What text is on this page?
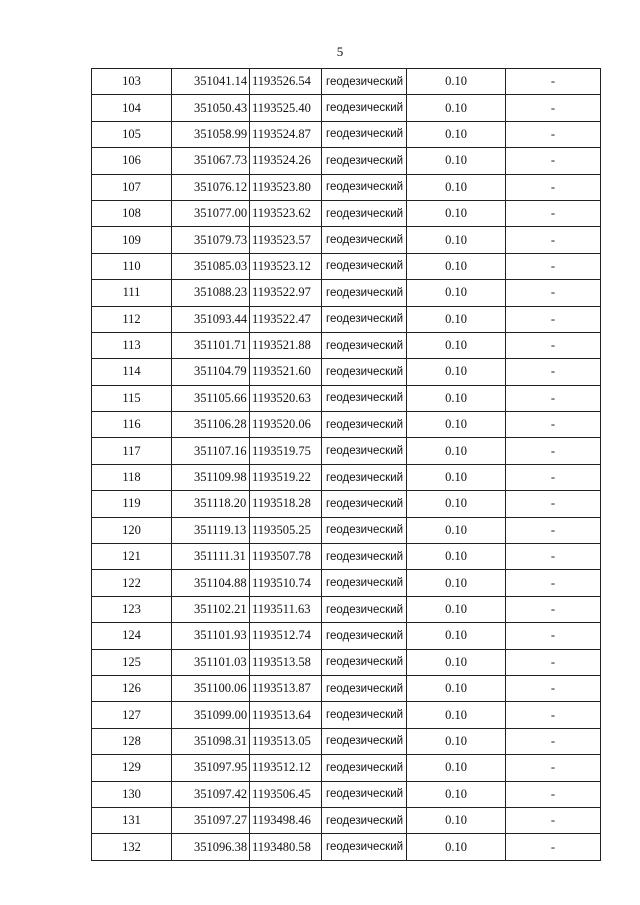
5
103	351041.14	1193526.54	геодезический	0.10	-
104	351050.43	1193525.40	геодезический	0.10	-
105	351058.99	1193524.87	геодезический	0.10	-
106	351067.73	1193524.26	геодезический	0.10	-
107	351076.12	1193523.80	геодезический	0.10	-
108	351077.00	1193523.62	геодезический	0.10	-
109	351079.73	1193523.57	геодезический	0.10	-
110	351085.03	1193523.12	геодезический	0.10	-
111	351088.23	1193522.97	геодезический	0.10	-
112	351093.44	1193522.47	геодезический	0.10	-
113	351101.71	1193521.88	геодезический	0.10	-
114	351104.79	1193521.60	геодезический	0.10	-
115	351105.66	1193520.63	геодезический	0.10	-
116	351106.28	1193520.06	геодезический	0.10	-
117	351107.16	1193519.75	геодезический	0.10	-
118	351109.98	1193519.22	геодезический	0.10	-
119	351118.20	1193518.28	геодезический	0.10	-
120	351119.13	1193505.25	геодезический	0.10	-
121	351111.31	1193507.78	геодезический	0.10	-
122	351104.88	1193510.74	геодезический	0.10	-
123	351102.21	1193511.63	геодезический	0.10	-
124	351101.93	1193512.74	геодезический	0.10	-
125	351101.03	1193513.58	геодезический	0.10	-
126	351100.06	1193513.87	геодезический	0.10	-
127	351099.00	1193513.64	геодезический	0.10	-
128	351098.31	1193513.05	геодезический	0.10	-
129	351097.95	1193512.12	геодезический	0.10	-
130	351097.42	1193506.45	геодезический	0.10	-
131	351097.27	1193498.46	геодезический	0.10	-
132	351096.38	1193480.58	геодезический	0.10	-
